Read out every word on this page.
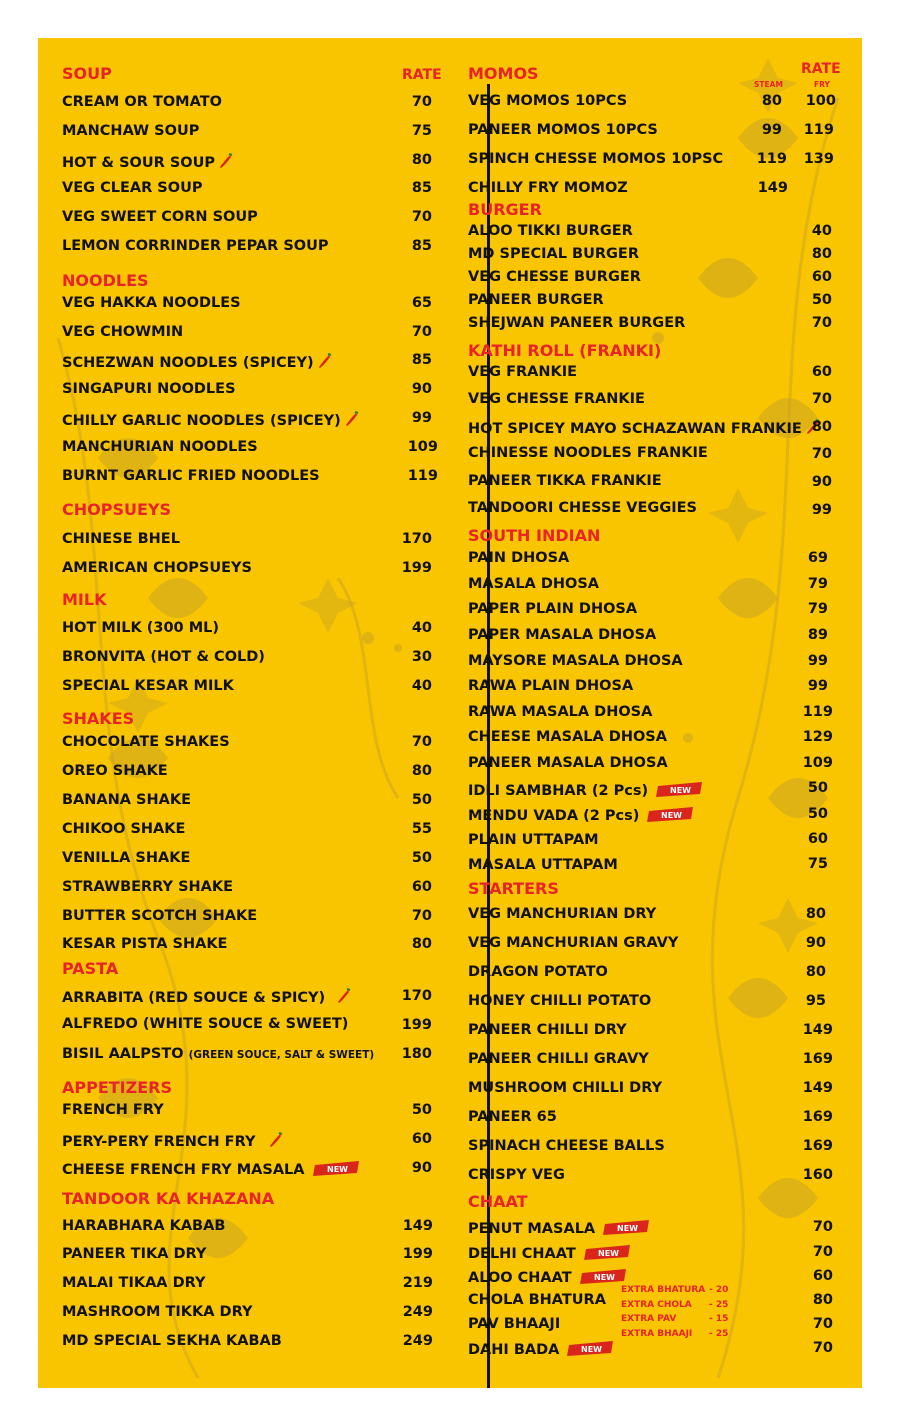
SOUP	RATE
CREAM OR TOMATO	70
MANCHAW SOUP	75
HOT & SOUR SOUP	80
VEG CLEAR SOUP	85
VEG SWEET CORN SOUP	70
LEMON CORRINDER PEPAR SOUP	85
NOODLES
VEG HAKKA NOODLES	65
VEG CHOWMIN	70
SCHEZWAN NOODLES (SPICEY)	85
SINGAPURI NOODLES	90
CHILLY GARLIC NOODLES (SPICEY)	99
MANCHURIAN NOODLES	109
BURNT GARLIC FRIED NOODLES	119
CHOPSUEYS
CHINESE BHEL	170
AMERICAN CHOPSUEYS	199
MILK
HOT MILK (300 ML)	40
BRONVITA (HOT & COLD)	30
SPECIAL KESAR MILK	40
SHAKES
CHOCOLATE SHAKES	70
OREO SHAKE	80
BANANA SHAKE	50
CHIKOO SHAKE	55
VENILLA SHAKE	50
STRAWBERRY SHAKE	60
BUTTER SCOTCH SHAKE	70
KESAR PISTA SHAKE	80
PASTA
ARRABITA (RED SOUCE & SPICY)	170
ALFREDO (WHITE SOUCE & SWEET)	199
BISIL AALPSTO (GREEN SOUCE, SALT & SWEET)	180
APPETIZERS
FRENCH FRY	50
PERY-PERY FRENCH FRY	60
CHEESE FRENCH FRY MASALA	NEW	90
TANDOOR KA KHAZANA
HARABHARA KABAB	149
PANEER TIKA DRY	199
MALAI TIKAA DRY	219
MASHROOM TIKKA DRY	249
MD SPECIAL SEKHA KABAB	249
MOMOS	RATE
STEAM	FRY
VEG MOMOS 10PCS	80	100
PANEER MOMOS 10PCS	99	119
SPINCH CHESSE MOMOS 10PSC	119	139
CHILLY FRY MOMOZ	149
BURGER
ALOO TIKKI BURGER	40
MD SPECIAL BURGER	80
VEG CHESSE BURGER	60
PANEER BURGER	50
SHEJWAN PANEER BURGER	70
KATHI ROLL (FRANKI)
VEG FRANKIE	60
VEG CHESSE FRANKIE	70
HOT SPICEY MAYO SCHAZAWAN FRANKIE 80
CHINESSE NOODLES FRANKIE	70
PANEER TIKKA FRANKIE	90
TANDOORI CHESSE VEGGIES	99
SOUTH INDIAN
PAIN DHOSA	69
MASALA DHOSA	79
PAPER PLAIN DHOSA	79
PAPER MASALA DHOSA	89
MAYSORE MASALA DHOSA	99
RAWA PLAIN DHOSA	99
RAWA MASALA DHOSA	119
CHEESE MASALA DHOSA	129
PANEER MASALA DHOSA	109
IDLI SAMBHAR (2 Pcs)	NEW	50
MENDU VADA (2 Pcs)	NEW	50
PLAIN UTTAPAM	60
MASALA UTTAPAM	75
STARTERS
VEG MANCHURIAN DRY	80
VEG MANCHURIAN GRAVY	90
DRAGON POTATO	80
HONEY CHILLI POTATO	95
PANEER CHILLI DRY	149
PANEER CHILLI GRAVY	169
MUSHROOM CHILLI DRY	149
PANEER 65	169
SPINACH CHEESE BALLS	169
CRISPY VEG	160
CHAAT
PENUT MASALA	NEW	70
DELHI CHAAT	NEW	70
ALOO CHAAT	NEW	60
CHOLA BHATURA	80
PAV BHAAJI	70
DAHI BADA	NEW	70
EXTRA BHATURA - 20
EXTRA CHOLA - 25
EXTRA PAV	- 15
EXTRA BHAAJI - 25
